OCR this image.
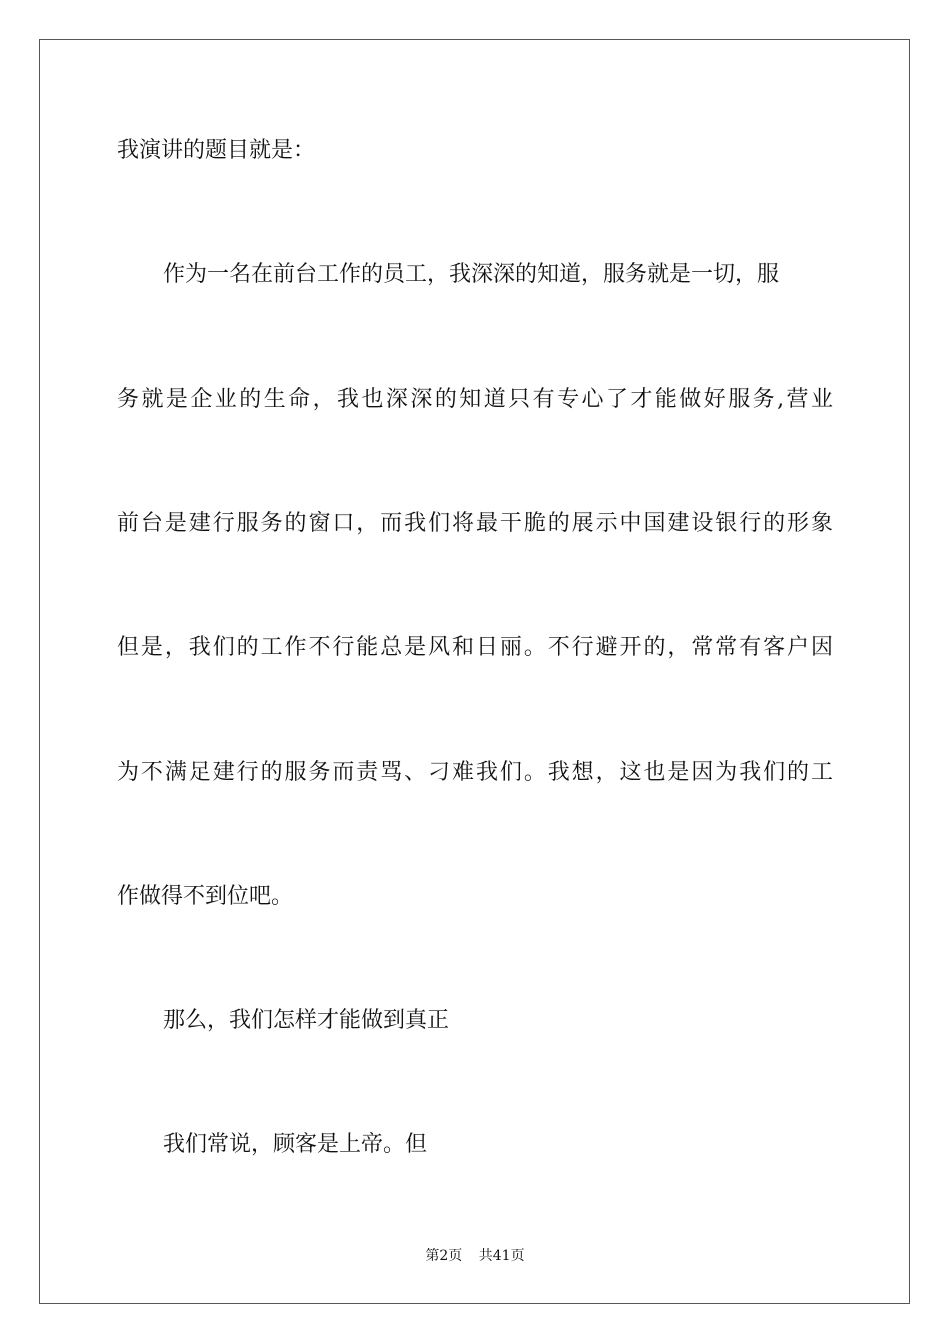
我演讲的题目就是：
作为一名在前台工作的员工，我深深的知道，服务就是一切，服
务就是企业的生命，我也深深的知道只有专心了才能做好服务,营业
前台是建行服务的窗口，而我们将最干脆的展示中国建设银行的形象
但是，我们的工作不行能总是风和日丽。不行避开的，常常有客户因
为不满足建行的服务而责骂、刁难我们。我想，这也是因为我们的工
作做得不到位吧。
那么，我们怎样才能做到真正
我们常说，顾客是上帝。但
第2页 共41页
